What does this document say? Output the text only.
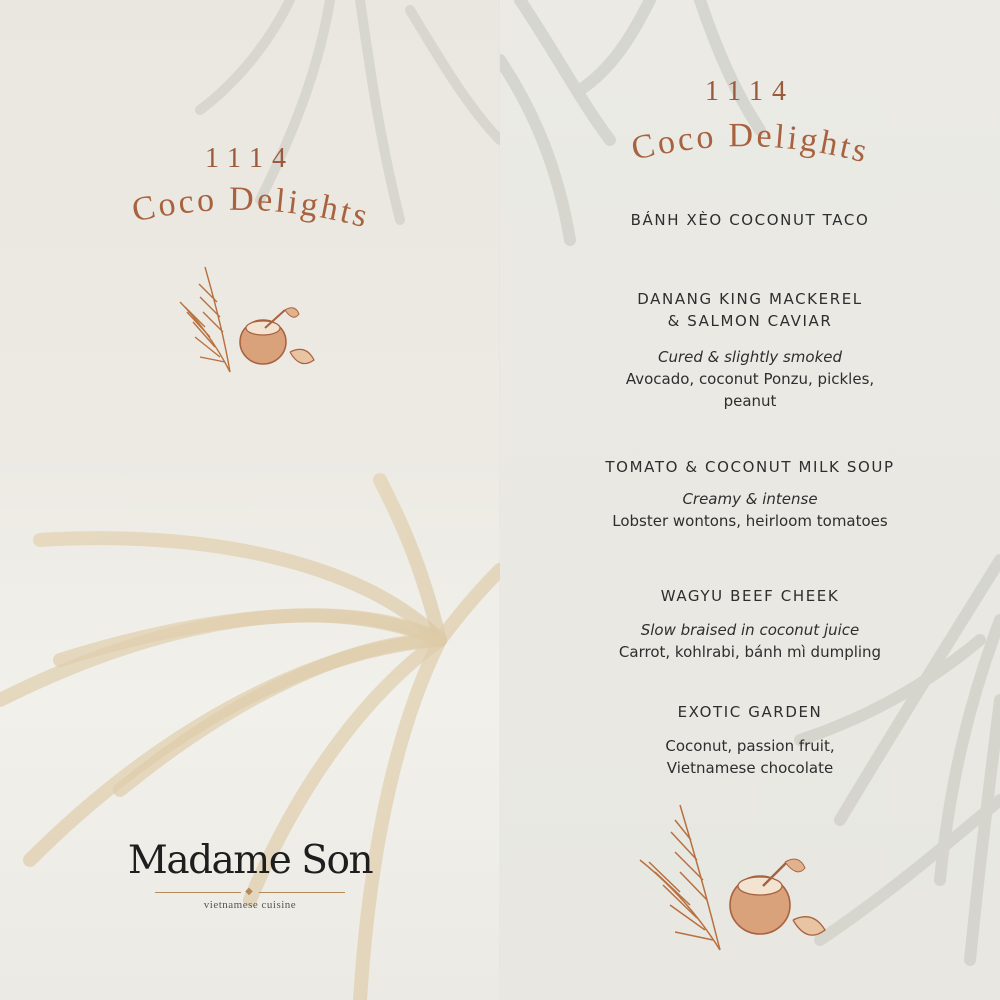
1114
Coco Delights
Madame Son
◆
vietnamese cuisine
1114
Coco Delights

BÁNH XÈO COCONUT TACO

DANANG KING MACKEREL

& SALMON CAVIAR

Cured & slightly smoked

Avocado, coconut Ponzu, pickles,

peanut

TOMATO & COCONUT MILK SOUP

Creamy & intense

Lobster wontons, heirloom tomatoes

WAGYU BEEF CHEEK

Slow braised in coconut juice

Carrot, kohlrabi, bánh mì dumpling

EXOTIC GARDEN

Coconut, passion fruit,

Vietnamese chocolate
